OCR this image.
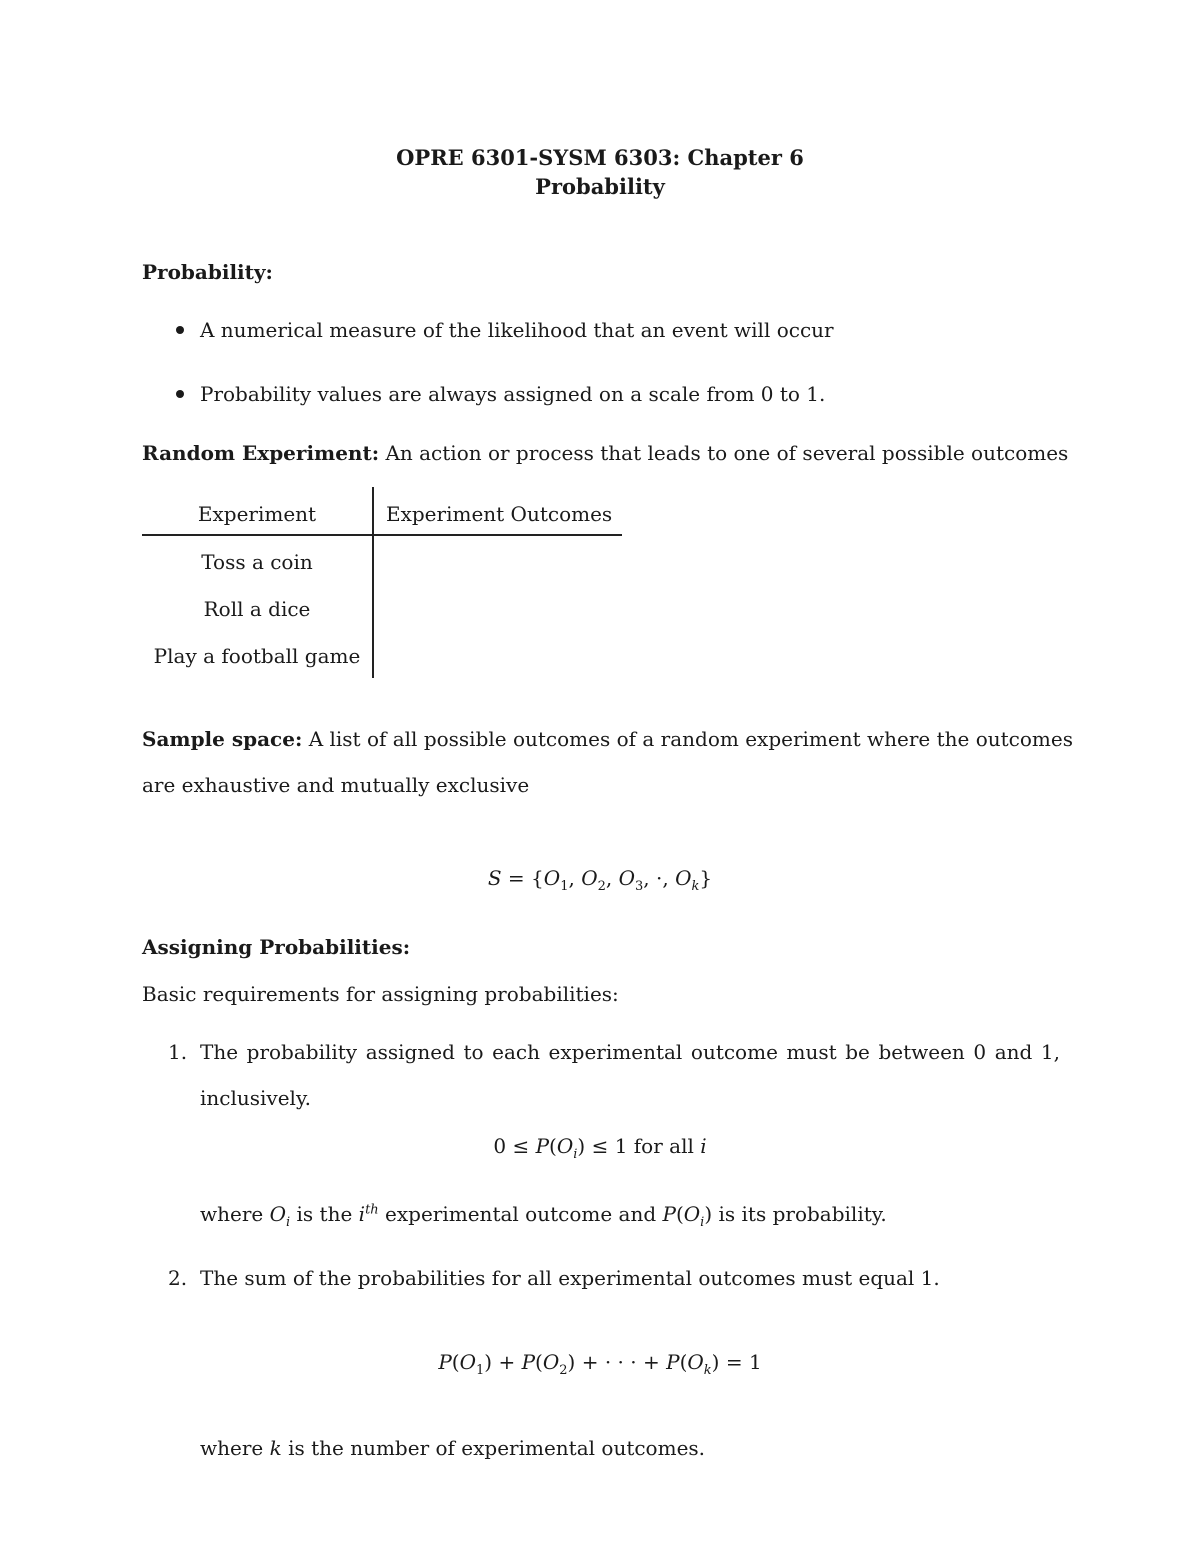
OPRE 6301-SYSM 6303: Chapter 6
Probability
Probability:
A numerical measure of the likelihood that an event will occur
Probability values are always assigned on a scale from 0 to 1.
Random Experiment: An action or process that leads to one of several possible outcomes
Experiment	Experiment Outcomes
Toss a coin
Roll a dice
Play a football game
Sample space: A list of all possible outcomes of a random experiment where the outcomes
are exhaustive and mutually exclusive
$S = \{O_1$, $O_2$, $O_3$, ·, $O_k$}
Assigning Probabilities:
Basic requirements for assigning probabilities:
1. The probability assigned to each experimental outcome must be between 0 and 1,
inclusively.
$0 \le P(O_i) \le 1$ for all i
where $O_i$ is the $i^{th}$ experimental outcome and $P(O_i)$ is its probability.
2. The sum of the probabilities for all experimental outcomes must equal 1.
$P(O_1) + P(O_2)$ + · · · + $P(O_k) = 1$
where k is the number of experimental outcomes.
